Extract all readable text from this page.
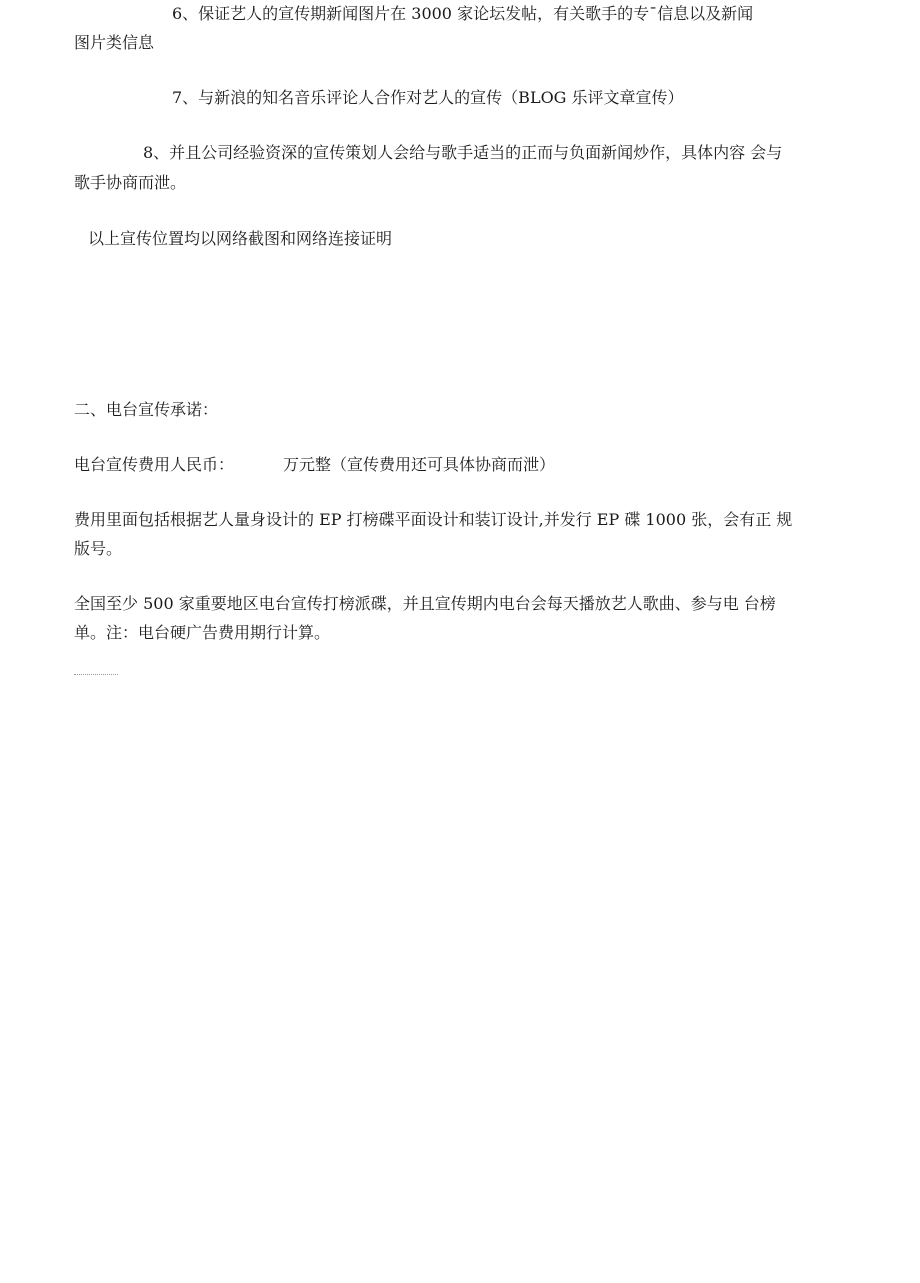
6、保证艺人的宣传期新闻图片在 3000 家论坛发帖，有关歌手的专ˉ信息以及新闻

图片类信息

7、与新浪的知名音乐评论人合作对艺人的宣传（BLOG 乐评文章宣传）

8、并且公司经验资深的宣传策划人会给与歌手适当的正而与负面新闻炒作，具体内容 会与

歌手协商而泄。

以上宣传位置均以网络截图和网络连接证明

二、电台宣传承诺：

电台宣传费用人民币：	万元整（宣传费用还可具体协商而泄）

费用里面包括根据艺人量身设计的 EP 打榜碟平面设计和装订设计,并发行 EP 碟 1000 张，会有正 规

版号。

全国至少 500 家重要地区电台宣传打榜派碟，并且宣传期内电台会每天播放艺人歌曲、参与电 台榜

单。注：电台硬广告费用期行计算。
